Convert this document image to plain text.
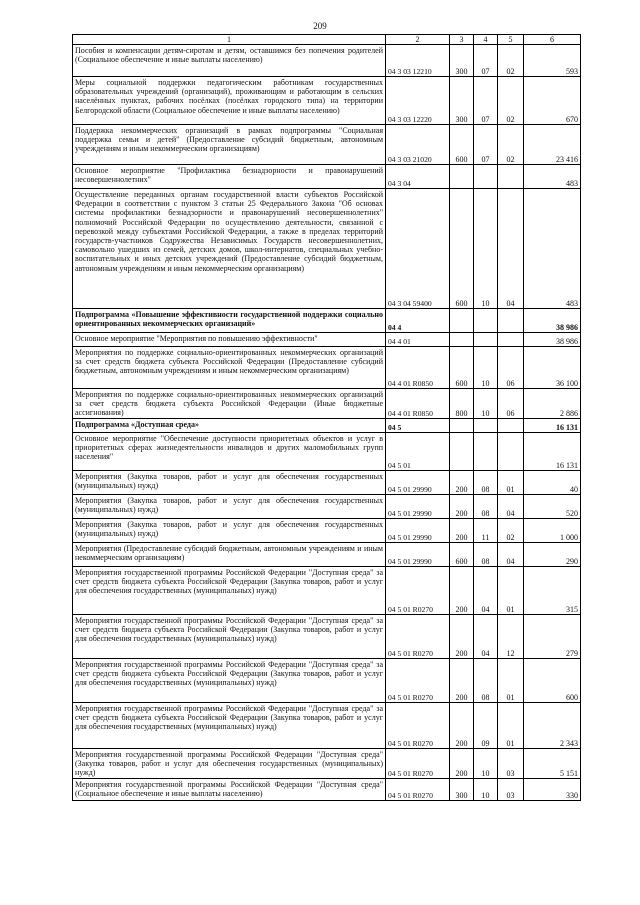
209
1	2	3	4	5	6
Пособия и компенсации детям-сиротам и детям, оставшимся без попечения родителей (Социальное обеспечение и иные выплаты населению)	04 3 03 12210	300	07	02	593
Меры социальной поддержки педагогическим работникам государственных образовательных учреждений (организаций), проживающим и работающим в сельских населённых пунктах, рабочих посёлках (посёлках городского типа) на территории Белгородской области (Социальное обеспечение и иные выплаты населению)	04 3 03 12220	300	07	02	670
Поддержка некоммерческих организаций в рамках подпрограммы "Социальная поддержка семьи и детей" (Предоставление субсидий бюджетным, автономным учреждениям и иным некоммерческим организациям)	04 3 03 21020	600	07	02	23 416
Основное мероприятие "Профилактика безнадзорности и правонарушений несовершеннолетних"	04 3 04				483
Осуществление переданных органам государственной власти субъектов Российской Федерации в соответствии с пунктом 3 статьи 25 Федерального Закона "Об основах системы профилактики безнадзорности и правонарушений несовершеннолетних" полномочий Российской Федерации по осуществлению деятельности, связанной с перевозкой между субъектами Российской Федерации, а также в пределах территорий государств-участников Содружества Независимых Государств несовершеннолетних, самовольно ушедших из семей, детских домов, школ-интернатов, специальных учебно-воспитательных и иных детских учреждений (Предоставление субсидий бюджетным, автономным учреждениям и иным некоммерческим организациям)	04 3 04 59400	600	10	04	483
Подпрограмма «Повышение эффективности государственной поддержки социально ориентированных некоммерческих организаций»	04 4				38 986
Основное мероприятие "Мероприятия по повышению эффективности"	04 4 01				38 986
Мероприятия по поддержке социально-ориентированных некоммерческих организаций за счет средств бюджета субъекта Российской Федерации (Предоставление субсидий бюджетным, автономным учреждениям и иным некоммерческим организациям)	04 4 01 R0850	600	10	06	36 100
Мероприятия по поддержке социально-ориентированных некоммерческих организаций за счет средств бюджета субъекта Российской Федерации (Иные бюджетные ассигнования)	04 4 01 R0850	800	10	06	2 886
Подпрограмма «Доступная среда»	04 5				16 131
Основное мероприятие "Обеспечение доступности приоритетных объектов и услуг в приоритетных сферах жизнедеятельности инвалидов и других маломобильных групп населения"	04 5 01				16 131
Мероприятия (Закупка товаров, работ и услуг для обеспечения государственных (муниципальных) нужд)	04 5 01 29990	200	08	01	40
Мероприятия (Закупка товаров, работ и услуг для обеспечения государственных (муниципальных) нужд)	04 5 01 29990	200	08	04	520
Мероприятия (Закупка товаров, работ и услуг для обеспечения государственных (муниципальных) нужд)	04 5 01 29990	200	11	02	1 000
Мероприятия (Предоставление субсидий бюджетным, автономным учреждениям и иным некоммерческим организациям)	04 5 01 29990	600	08	04	290
Мероприятия государственной программы Российской Федерации "Доступная среда" за счет средств бюджета субъекта Российской Федерации (Закупка товаров, работ и услуг для обеспечения государственных (муниципальных) нужд)	04 5 01 R0270	200	04	01	315
Мероприятия государственной программы Российской Федерации "Доступная среда" за счет средств бюджета субъекта Российской Федерации (Закупка товаров, работ и услуг для обеспечения государственных (муниципальных) нужд)	04 5 01 R0270	200	04	12	279
Мероприятия государственной программы Российской Федерации "Доступная среда" за счет средств бюджета субъекта Российской Федерации (Закупка товаров, работ и услуг для обеспечения государственных (муниципальных) нужд)	04 5 01 R0270	200	08	01	600
Мероприятия государственной программы Российской Федерации "Доступная среда" за счет средств бюджета субъекта Российской Федерации (Закупка товаров, работ и услуг для обеспечения государственных (муниципальных) нужд)	04 5 01 R0270	200	09	01	2 343
Мероприятия государственной программы Российской Федерации "Доступная среда" (Закупка товаров, работ и услуг для обеспечения государственных (муниципальных) нужд)	04 5 01 R0270	200	10	03	5 151
Мероприятия государственной программы Российской Федерации "Доступная среда" (Социальное обеспечение и иные выплаты населению)	04 5 01 R0270	300	10	03	330
